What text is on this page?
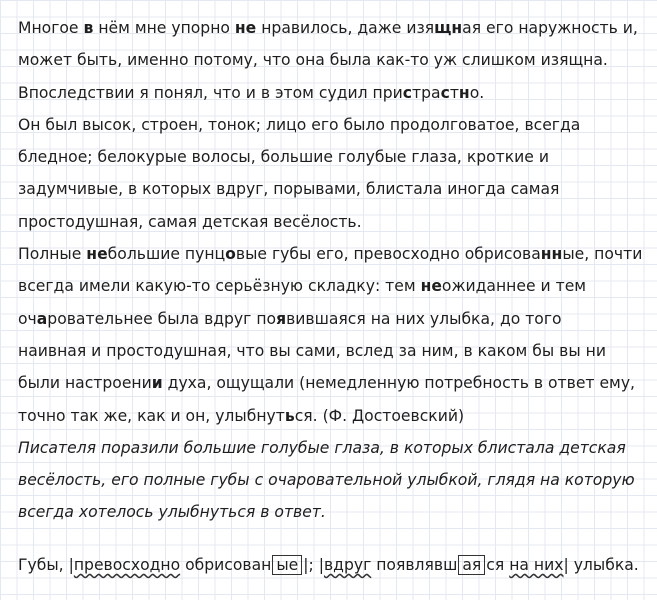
Многое в нём мне упорно не нравилось, даже изящная его наружность и,
может быть, именно потому, что она была как-то уж слишком изящна.
Впоследствии я понял, что и в этом судил пристрастно.
Он был высок, строен, тонок; лицо его было продолговатое, всегда
бледное; белокурые волосы, большие голубые глаза, кроткие и
задумчивые, в которых вдруг, порывами, блистала иногда самая
простодушная, самая детская весёлость.
Полные небольшие пунцовые губы его, превосходно обрисованные, почти
всегда имели какую-то серьёзную складку: тем неожиданнее и тем
очаровательнее была вдруг появившаяся на них улыбка, до того
наивная и простодушная, что вы сами, вслед за ним, в каком бы вы ни
были настроении духа, ощущали (немедленную потребность в ответ ему,
точно так же, как и он, улыбнуться. (Ф. Достоевский)
Писателя поразили большие голубые глаза, в которых блистала детская
весёлость, его полные губы с очаровательной улыбкой, глядя на которую
всегда хотелось улыбнуться в ответ.
Губы, |превосходно обрисован ые |; |вдруг появлявш ая ся на них| улыбка.
